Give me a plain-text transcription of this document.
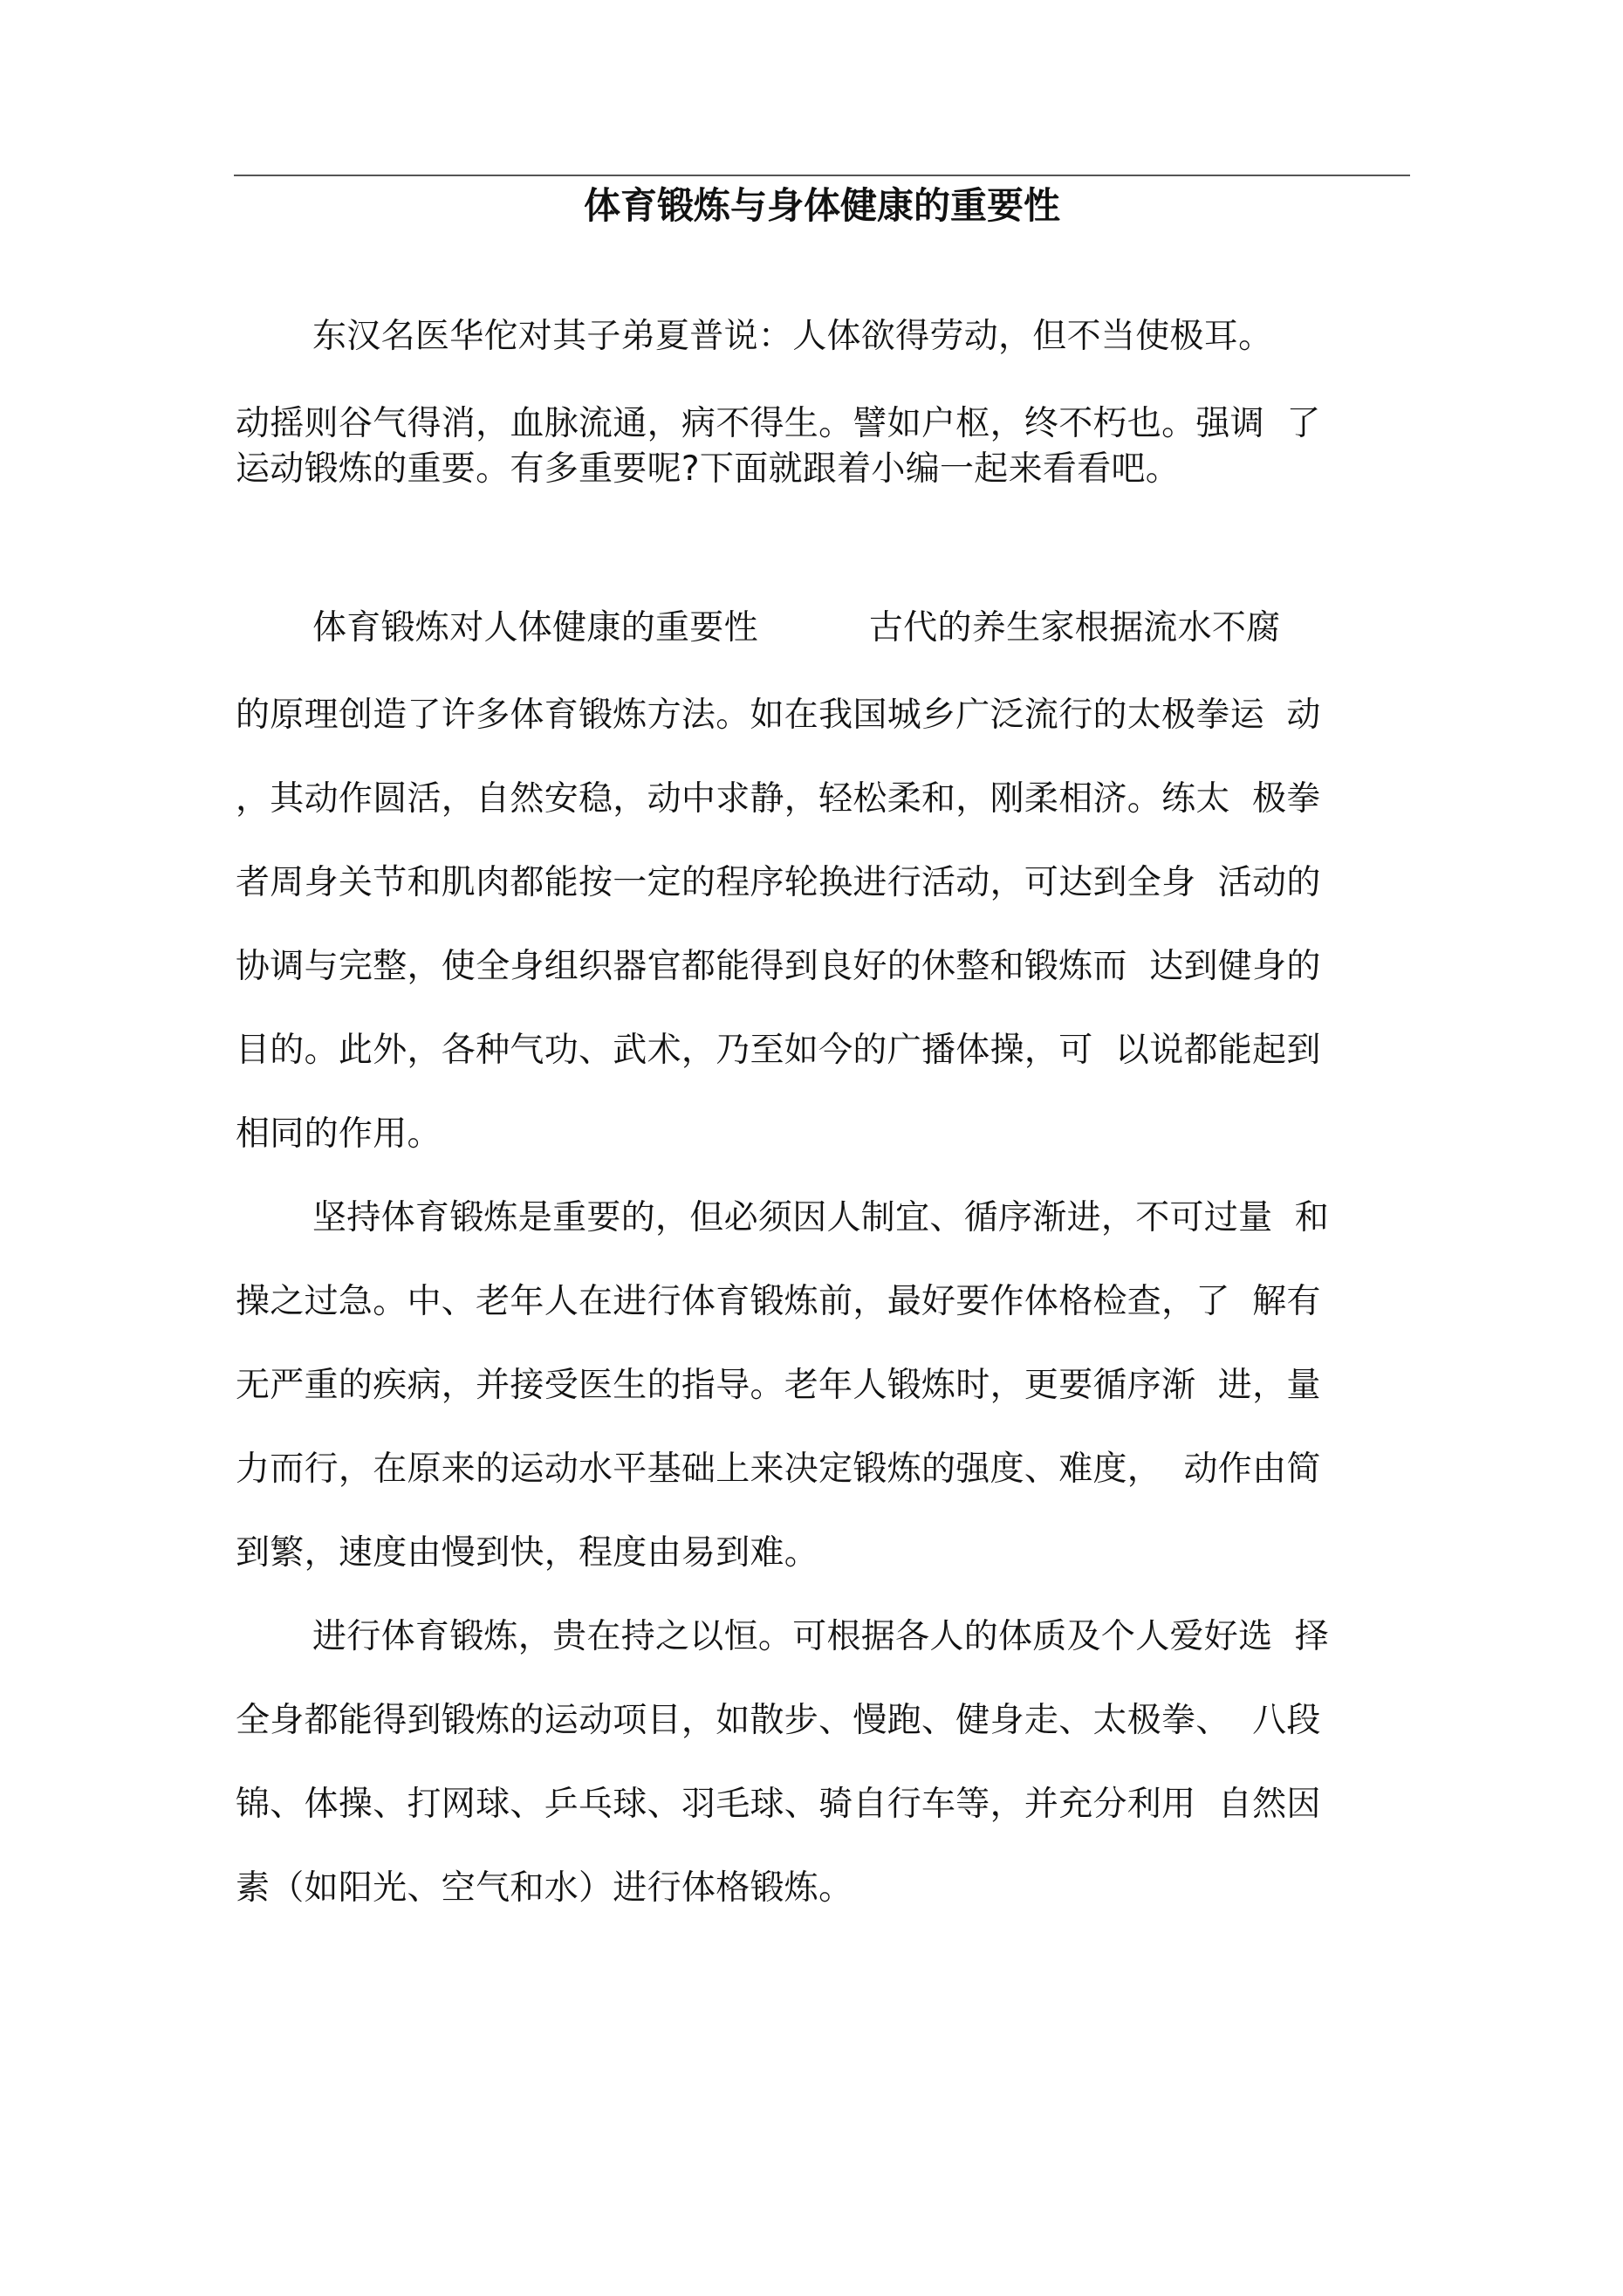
体育锻炼与身体健康的重要性
东汉名医华佗对其子弟夏普说：人体欲得劳动，但不当使极耳。
动摇则谷气得消，血脉流通，病不得生。譬如户枢，终不朽也。强调  了
运动锻炼的重要。有多重要呢?下面就跟着小编一起来看看吧。
体育锻炼对人体健康的重要性          古代的养生家根据流水不腐
的原理创造了许多体育锻炼方法。如在我国城乡广泛流行的太极拳运  动
，其动作圆活，自然安稳，动中求静，轻松柔和，刚柔相济。练太  极拳
者周身关节和肌肉都能按一定的程序轮换进行活动，可达到全身  活动的
协调与完整，使全身组织器官都能得到良好的休整和锻炼而  达到健身的
目的。此外，各种气功、武术，乃至如今的广播体操，可  以说都能起到
相同的作用。
坚持体育锻炼是重要的，但必须因人制宜、循序渐进，不可过量  和
操之过急。中、老年人在进行体育锻炼前，最好要作体格检查，了  解有
无严重的疾病，并接受医生的指导。老年人锻炼时，更要循序渐  进，量
力而行，在原来的运动水平基础上来决定锻炼的强度、难度，  动作由简
到繁，速度由慢到快，程度由易到难。
进行体育锻炼，贵在持之以恒。可根据各人的体质及个人爱好选  择
全身都能得到锻炼的运动项目，如散步、慢跑、健身走、太极拳、  八段
锦、体操、打网球、乒乓球、羽毛球、骑自行车等，并充分利用  自然因
素（如阳光、空气和水）进行体格锻炼。
